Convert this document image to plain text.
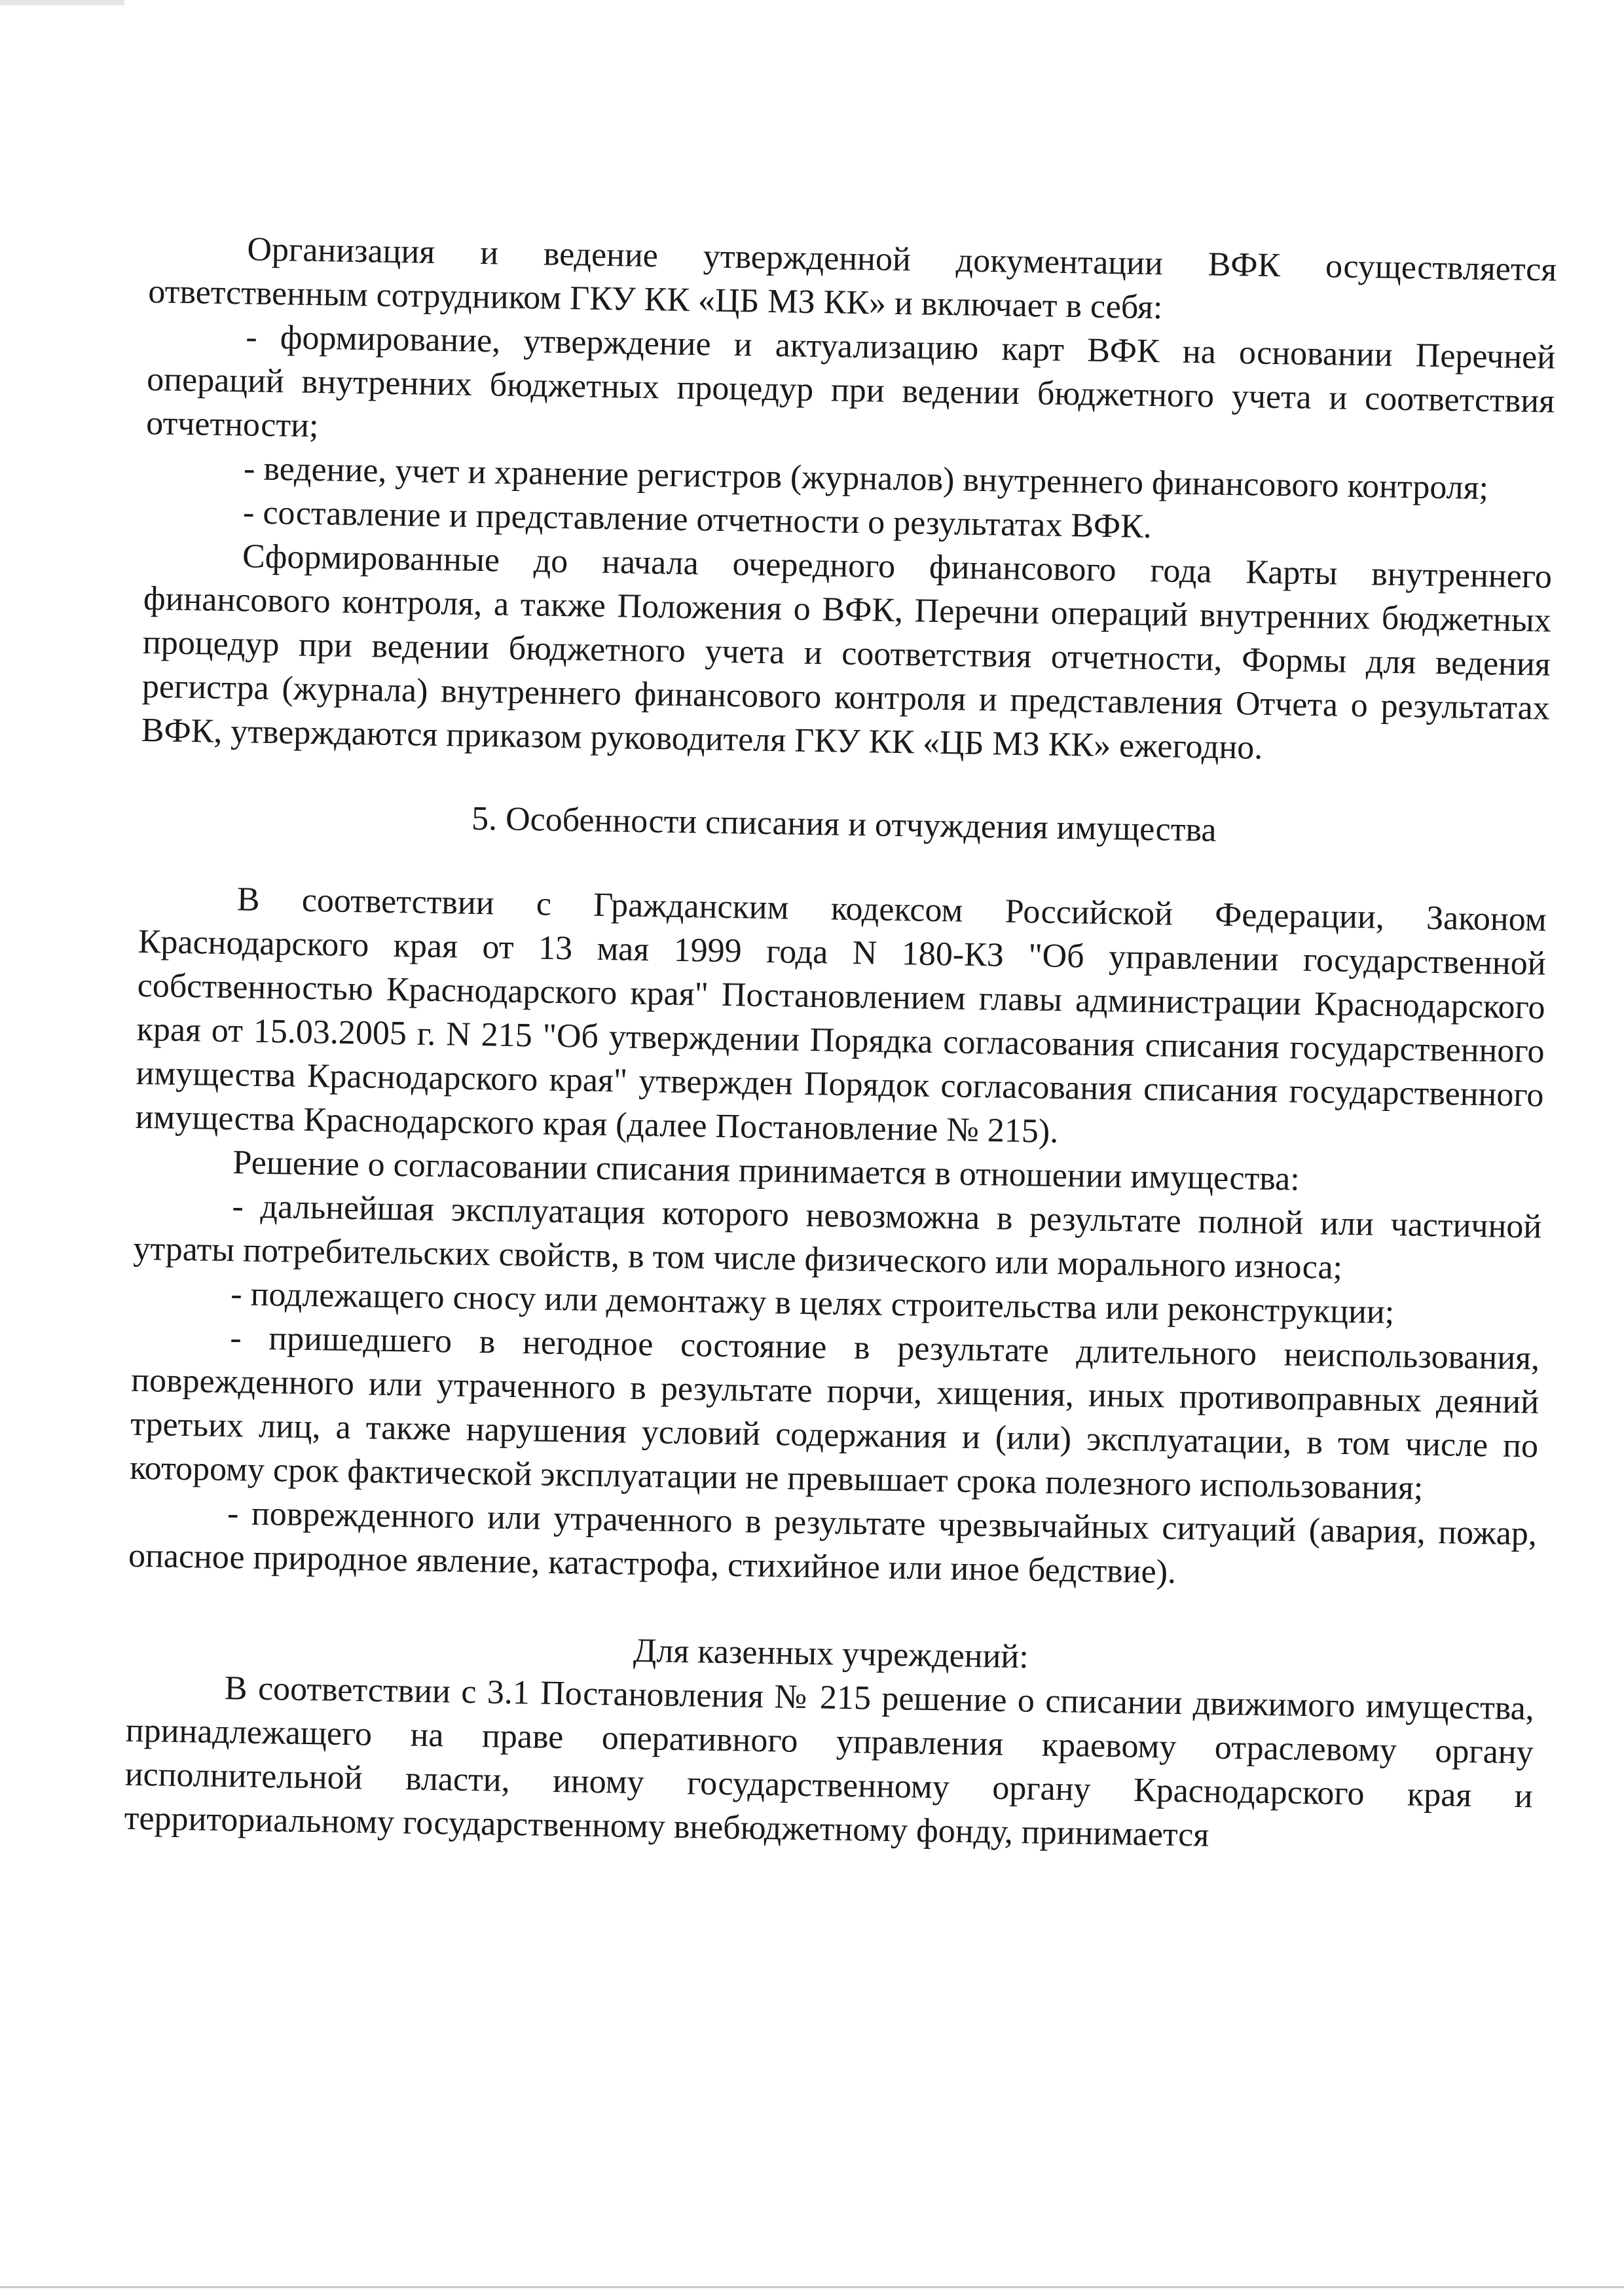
Организация и ведение утвержденной документации ВФК осуществляется ответственным сотрудником ГКУ КК «ЦБ МЗ КК» и включает в себя:

- формирование, утверждение и актуализацию карт ВФК на основании Перечней операций внутренних бюджетных процедур при ведении бюджетного учета и соответствия отчетности;

- ведение, учет и хранение регистров (журналов) внутреннего финансового контроля;

- составление и представление отчетности о результатах ВФК.

Сформированные до начала очередного финансового года Карты внутреннего финансового контроля, а также Положения о ВФК, Перечни операций внутренних бюджетных процедур при ведении бюджетного учета и соответствия отчетности, Формы для ведения регистра (журнала) внутреннего финансового контроля и представления Отчета о результатах ВФК, утверждаются приказом руководителя ГКУ КК «ЦБ МЗ КК» ежегодно.

5. Особенности списания и отчуждения имущества

В соответствии с Гражданским кодексом Российской Федерации, Законом Краснодарского края от 13 мая 1999 года N 180-КЗ "Об управлении государственной собственностью Краснодарского края" Постановлением главы администрации Краснодарского края от 15.03.2005 г. N 215 "Об утверждении Порядка согласования списания государственного имущества Краснодарского края" утвержден Порядок согласования списания государственного имущества Краснодарского края (далее Постановление № 215).

Решение о согласовании списания принимается в отношении имущества:

- дальнейшая эксплуатация которого невозможна в результате полной или частичной утраты потребительских свойств, в том числе физического или морального износа;

- подлежащего сносу или демонтажу в целях строительства или реконструкции;

- пришедшего в негодное состояние в результате длительного неиспользования, поврежденного или утраченного в результате порчи, хищения, иных противоправных деяний третьих лиц, а также нарушения условий содержания и (или) эксплуатации, в том числе по которому срок фактической эксплуатации не превышает срока полезного использования;

- поврежденного или утраченного в результате чрезвычайных ситуаций (авария, пожар, опасное природное явление, катастрофа, стихийное или иное бедствие).

Для казенных учреждений:

В соответствии с 3.1 Постановления № 215 решение о списании движимого имущества, принадлежащего на праве оперативного управления краевому отраслевому органу исполнительной власти, иному государственному органу Краснодарского края и территориальному государственному внебюджетному фонду, принимается
